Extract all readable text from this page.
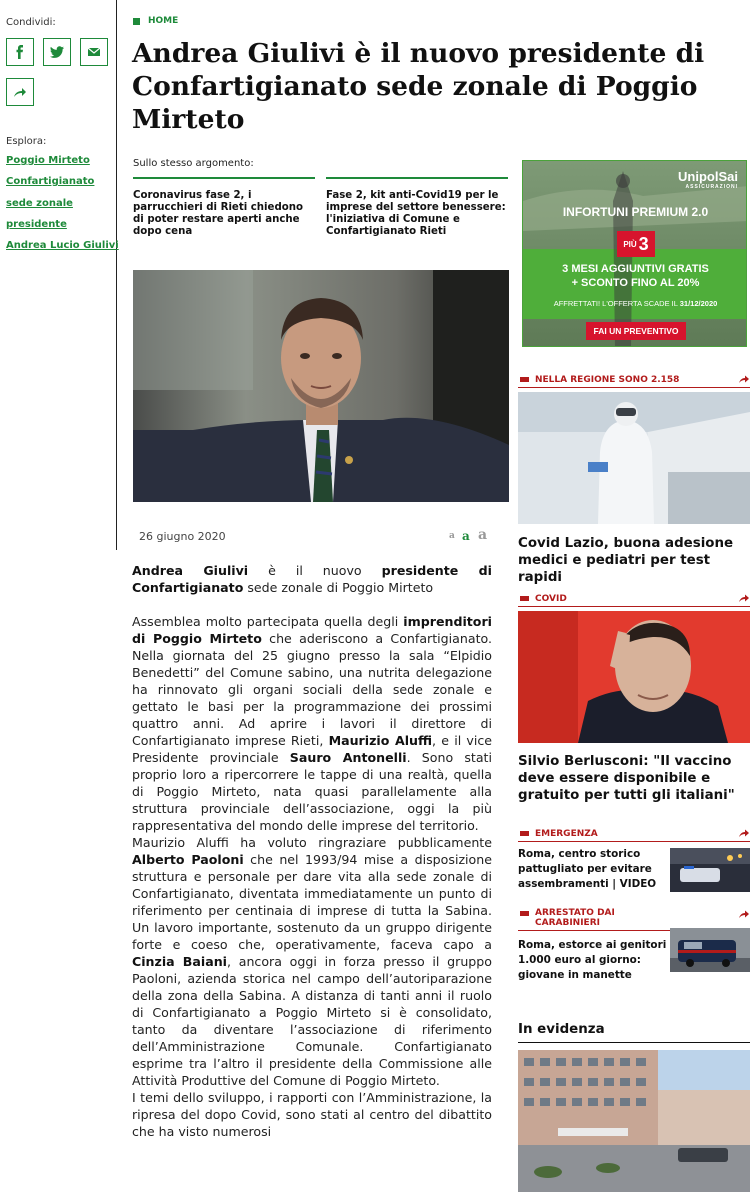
Condividi:
Esplora:
Poggio Mirteto
Confartigianato
sede zonale
presidente
Andrea Lucio Giulivi
HOME
Andrea Giulivi è il nuovo presidente di Confartigianato sede zonale di Poggio Mirteto
Sullo stesso argomento:
Coronavirus fase 2, i parrucchieri di Rieti chiedono di poter restare aperti anche dopo cena
Fase 2, kit anti-Covid19 per le imprese del settore benessere: l'iniziativa di Comune e Confartigianato Rieti
26 giugno 2020	a a a

Andrea Giulivi è il nuovo presidente di Confartigianato sede zonale di Poggio Mirteto

Assemblea molto partecipata quella degli imprenditori di Poggio Mirteto che aderiscono a Confartigianato. Nella giornata del 25 giugno presso la sala “Elpidio Benedetti” del Comune sabino, una nutrita delegazione ha rinnovato gli organi sociali della sede zonale e gettato le basi per la programmazione dei prossimi quattro anni. Ad aprire i lavori il direttore di Confartigianato imprese Rieti, Maurizio Aluffi, e il vice Presidente provinciale Sauro Antonelli. Sono stati proprio loro a ripercorrere le tappe di una realtà, quella di Poggio Mirteto, nata quasi parallelamente alla struttura provinciale dell’associazione, oggi la più rappresentativa del mondo delle imprese del territorio.

Maurizio Aluffi ha voluto ringraziare pubblicamente Alberto Paoloni che nel 1993/94 mise a disposizione struttura e personale per dare vita alla sede zonale di Confartigianato, diventata immediatamente un punto di riferimento per centinaia di imprese di tutta la Sabina. Un lavoro importante, sostenuto da un gruppo dirigente forte e coeso che, operativamente, faceva capo a Cinzia Baiani, ancora oggi in forza presso il gruppo Paoloni, azienda storica nel campo dell’autoriparazione della zona della Sabina. A distanza di tanti anni il ruolo di Confartigianato a Poggio Mirteto si è consolidato, tanto da diventare l’associazione di riferimento dell’Amministrazione Comunale. Confartigianato esprime tra l’altro il presidente della Commissione alle Attività Produttive del Comune di Poggio Mirteto.

I temi dello sviluppo, i rapporti con l’Amministrazione, la ripresa del dopo Covid, sono stati al centro del dibattito che ha visto numerosi

UnipolSai
ASSICURAZIONI
INFORTUNI PREMIUM 2.0
PIÙ 3
3 MESI AGGIUNTIVI GRATIS
+ SCONTO FINO AL 20%
AFFRETTATI! L'OFFERTA SCADE IL 31/12/2020
FAI UN PREVENTIVO
NELLA REGIONE SONO 2.158
Covid Lazio, buona adesione medici e pediatri per test rapidi
COVID
Silvio Berlusconi: "Il vaccino deve essere disponibile e gratuito per tutti gli italiani"
EMERGENZA
Roma, centro storico pattugliato per evitare assembramenti | VIDEO
ARRESTATO DAI CARABINIERI
Roma, estorce ai genitori 1.000 euro al giorno: giovane in manette
In evidenza
